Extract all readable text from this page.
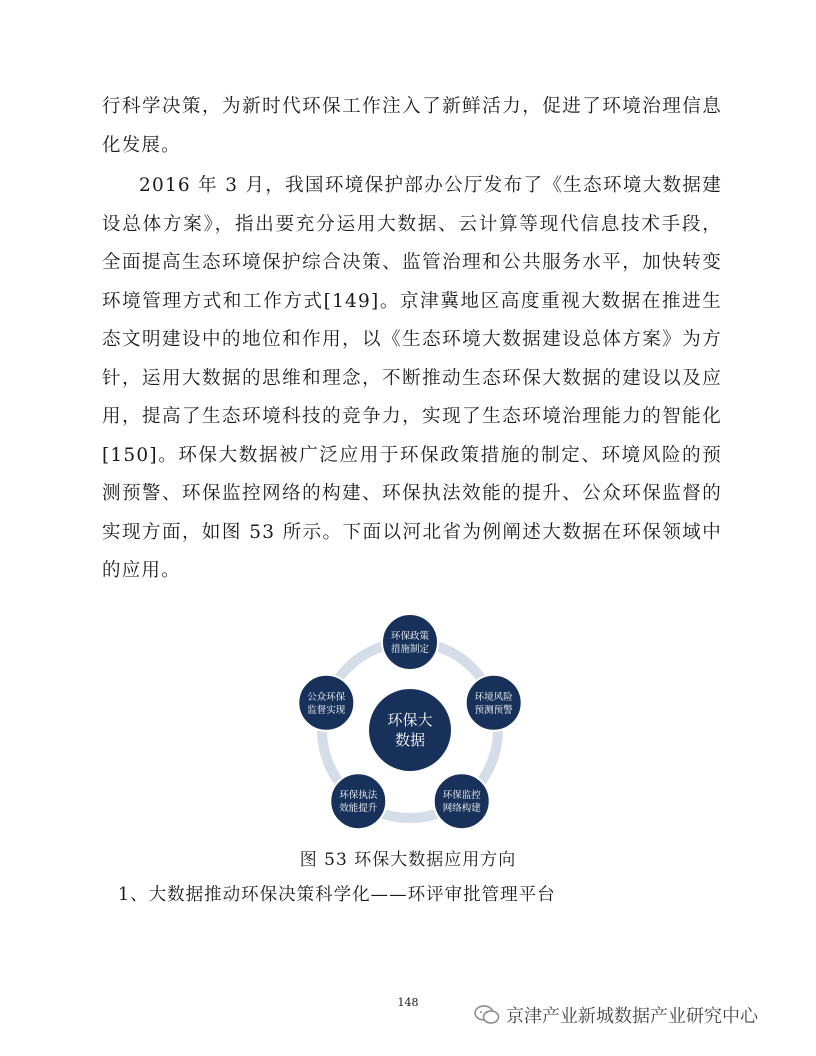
行科学决策，为新时代环保工作注入了新鲜活力，促进了环境治理信息化发展。

2016 年 3 月，我国环境保护部办公厅发布了《生态环境大数据建设总体方案》，指出要充分运用大数据、云计算等现代信息技术手段，全面提高生态环境保护综合决策、监管治理和公共服务水平，加快转变环境管理方式和工作方式[149]。京津冀地区高度重视大数据在推进生态文明建设中的地位和作用，以《生态环境大数据建设总体方案》为方针，运用大数据的思维和理念，不断推动生态环保大数据的建设以及应用，提高了生态环境科技的竞争力，实现了生态环境治理能力的智能化[150]。环保大数据被广泛应用于环保政策措施的制定、环境风险的预测预警、环保监控网络的构建、环保执法效能的提升、公众环保监督的实现方面，如图 53 所示。下面以河北省为例阐述大数据在环保领域中的应用。

环保政策
措施制定
环境风险
预测预警
环保监控
网络构建
环保执法
效能提升
公众环保
监督实现
环保大
数据
图 53 环保大数据应用方向
1、大数据推动环保决策科学化——环评审批管理平台
148
京津产业新城数据产业研究中心
